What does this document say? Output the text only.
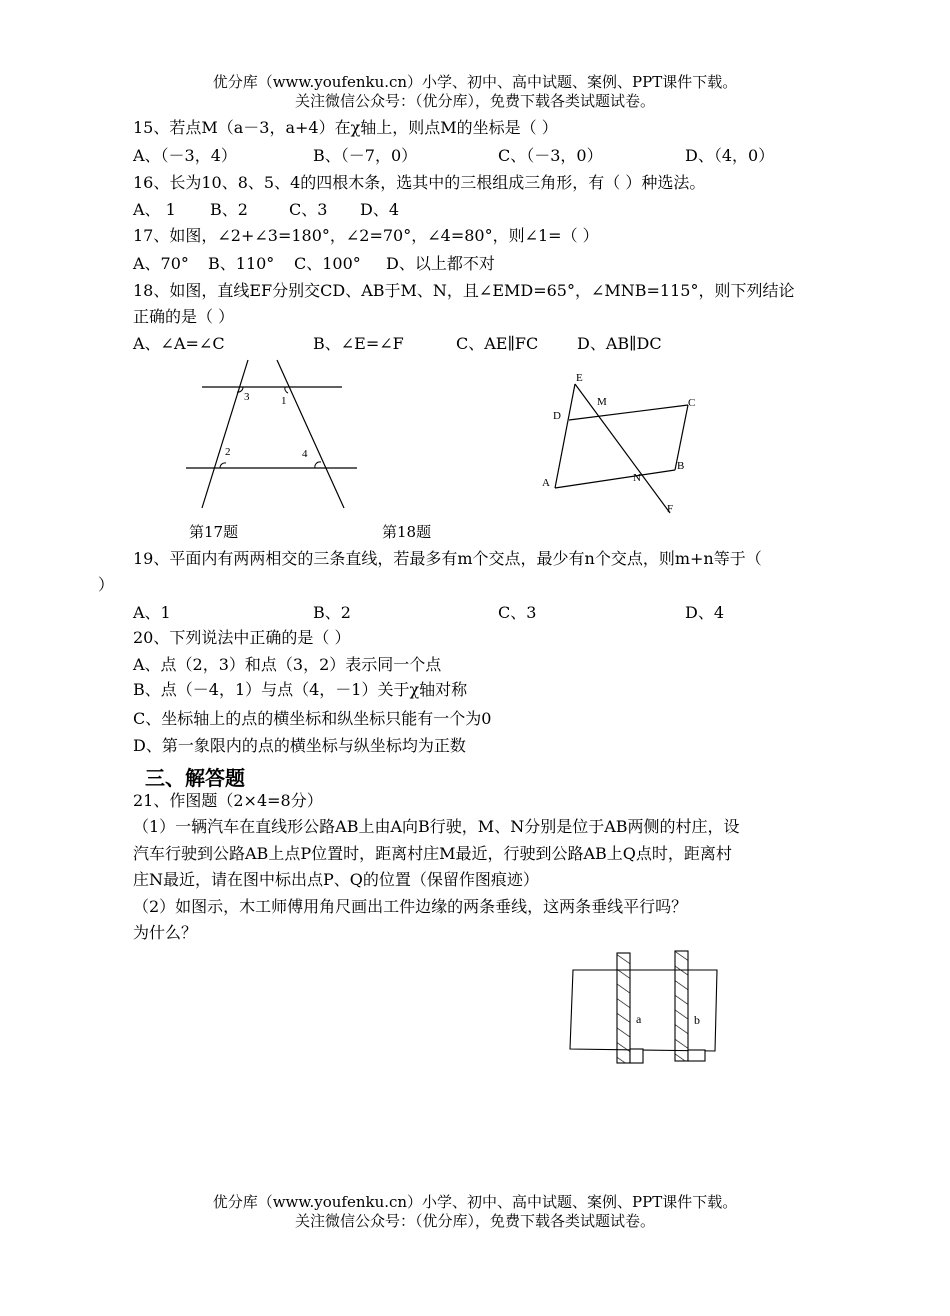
优分库（www.youfenku.cn）小学、初中、高中试题、案例、PPT课件下载。
关注微信公众号：（优分库），免费下载各类试题试卷。
15、若点M（a－3，a+4）在χ轴上，则点M的坐标是（ ）
A、（－3，4）	B、（－7，0）	C、（－3，0）	D、（4，0）
16、长为10、8、5、4的四根木条，选其中的三根组成三角形，有（ ）种选法。
A、 1 B、2	C、3 D、4
17、如图，∠2+∠3=180°，∠2=70°，∠4=80°，则∠1=（ ）
A、70° B、110° C、100° D、以上都不对
18、如图，直线EF分别交CD、AB于M、N，且∠EMD=65°，∠MNB=115°，则下列结论
正确的是（ ）
A、∠A=∠C	B、∠E=∠F	C、AE∥FC D、AB∥DC
3	1
2	4
第17题
E
M	C
D
B
A	N
F
第18题
19、平面内有两两相交的三条直线，若最多有m个交点，最少有n个交点，则m+n等于（
）
A、1	B、2	C、3	D、4
20、下列说法中正确的是（ ）
A、点（2，3）和点（3，2）表示同一个点
B、点（－4，1）与点（4，－1）关于χ轴对称
C、坐标轴上的点的横坐标和纵坐标只能有一个为0
D、第一象限内的点的横坐标与纵坐标均为正数
三、解答题
21、作图题（2×4=8分）
（1）一辆汽车在直线形公路AB上由A向B行驶，M、N分别是位于AB两侧的村庄，设
汽车行驶到公路AB上点P位置时，距离村庄M最近，行驶到公路AB上Q点时，距离村
庄N最近，请在图中标出点P、Q的位置（保留作图痕迹）
（2）如图示，木工师傅用角尺画出工件边缘的两条垂线，这两条垂线平行吗？
为什么？
a	b
优分库（www.youfenku.cn）小学、初中、高中试题、案例、PPT课件下载。
关注微信公众号：（优分库），免费下载各类试题试卷。
